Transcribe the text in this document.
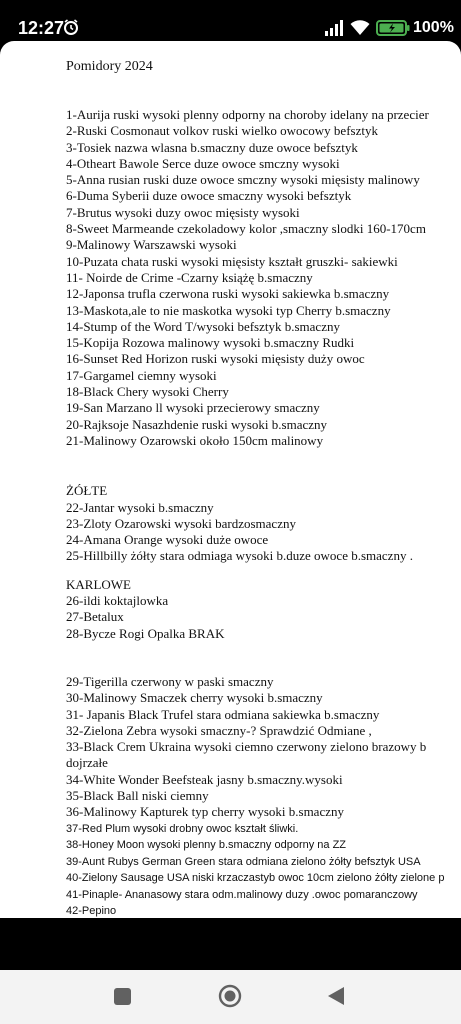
12:27	100%
Pomidory 2024
1-Aurija ruski wysoki plenny odporny na choroby idelany na przecier
2-Ruski Cosmonaut volkov ruski wielko owocowy befsztyk
3-Tosiek nazwa wlasna b.smaczny duze owoce befsztyk
4-Otheart Bawole Serce duze owoce smczny wysoki
5-Anna rusian ruski duze owoce smczny wysoki mięsisty malinowy
6-Duma Syberii duze owoce smaczny wysoki befsztyk
7-Brutus wysoki duzy owoc mięsisty wysoki
8-Sweet Marmeande czekoladowy kolor ,smaczny slodki 160-170cm
9-Malinowy Warszawski wysoki
10-Puzata chata ruski wysoki mięsisty kształt gruszki- sakiewki
11- Noirde de Crime -Czarny książę b.smaczny
12-Japonsa trufla czerwona ruski wysoki sakiewka b.smaczny
13-Maskota,ale to nie maskotka wysoki typ Cherry b.smaczny
14-Stump of the Word T/wysoki befsztyk b.smaczny
15-Kopija Rozowa malinowy wysoki b.smaczny Rudki
16-Sunset Red Horizon ruski wysoki mięsisty duży owoc
17-Gargamel ciemny wysoki
18-Black Chery wysoki Cherry
19-San Marzano ll wysoki przecierowy smaczny
20-Rajksoje Nasazhdenie ruski wysoki b.smaczny
21-Malinowy Ozarowski około 150cm malinowy
ŻÓŁTE
22-Jantar wysoki b.smaczny
23-Zloty Ozarowski wysoki bardzosmaczny
24-Amana Orange wysoki duże owoce
25-Hillbilly żółty stara odmiaga wysoki b.duze owoce b.smaczny .
KARLOWE
26-ildi koktajlowka
27-Betalux
28-Bycze Rogi Opalka BRAK
29-Tigerilla czerwony w paski smaczny
30-Malinowy Smaczek cherry wysoki b.smaczny
31- Japanis Black Trufel stara odmiana sakiewka b.smaczny
32-Zielona Zebra wysoki smaczny-? Sprawdzić Odmiane ,
33-Black Crem Ukraina wysoki ciemno czerwony zielono brazowy b
dojrzałe
34-White Wonder Beefsteak jasny b.smaczny.wysoki
35-Black Ball niski ciemny
36-Malinowy Kapturek typ cherry wysoki b.smaczny
37-Red Plum wysoki drobny owoc kształt śliwki.
38-Honey Moon wysoki plenny b.smaczny odporny na ZZ
39-Aunt Rubys German Green stara odmiana zielono żółty befsztyk USA
40-Zielony Sausage USA niski krzaczastyb owoc 10cm zielono żółty zielone p
41-Pinaple- Ananasowy stara odm.malinowy duzy .owoc pomaranczowy
42-Pepino
